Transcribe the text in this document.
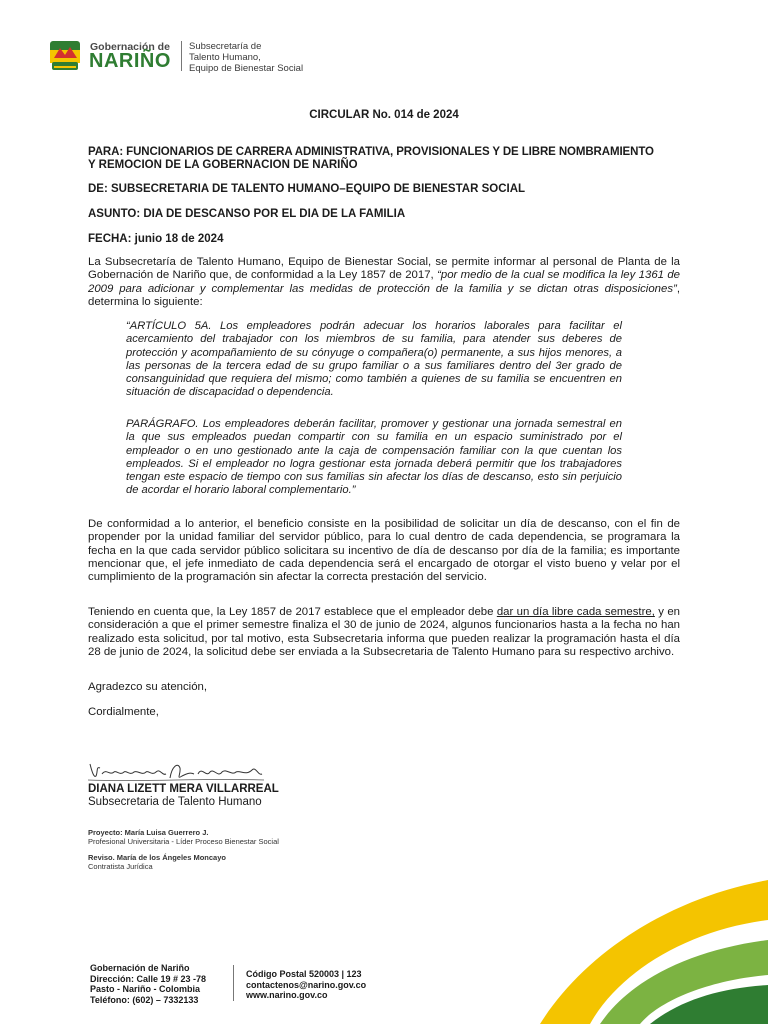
Gobernación de
NARIÑO
Subsecretaría de
Talento Humano,
Equipo de Bienestar Social
CIRCULAR No. 014 de 2024
PARA: FUNCIONARIOS DE CARRERA ADMINISTRATIVA, PROVISIONALES Y DE LIBRE NOMBRAMIENTO
Y REMOCION DE LA GOBERNACION DE NARIÑO
DE: SUBSECRETARIA DE TALENTO HUMANO–EQUIPO DE BIENESTAR SOCIAL
ASUNTO: DIA DE DESCANSO POR EL DIA DE LA FAMILIA
FECHA: junio 18 de 2024
La Subsecretaría de Talento Humano, Equipo de Bienestar Social, se permite informar al personal de Planta de la Gobernación de Nariño que, de conformidad a la Ley 1857 de 2017, “por medio de la cual se modifica la ley 1361 de 2009 para adicionar y complementar las medidas de protección de la familia y se dictan otras disposiciones”, determina lo siguiente:
“ARTÍCULO 5A. Los empleadores podrán adecuar los horarios laborales para facilitar el acercamiento del trabajador con los miembros de su familia, para atender sus deberes de protección y acompañamiento de su cónyuge o compañera(o) permanente, a sus hijos menores, a las personas de la tercera edad de su grupo familiar o a sus familiares dentro del 3er grado de consanguinidad que requiera del mismo; como también a quienes de su familia se encuentren en situación de discapacidad o dependencia.
PARÁGRAFO. Los empleadores deberán facilitar, promover y gestionar una jornada semestral en la que sus empleados puedan compartir con su familia en un espacio suministrado por el empleador o en uno gestionado ante la caja de compensación familiar con la que cuentan los empleados. Si el empleador no logra gestionar esta jornada deberá permitir que los trabajadores tengan este espacio de tiempo con sus familias sin afectar los días de descanso, esto sin perjuicio de acordar el horario laboral complementario.”
De conformidad a lo anterior, el beneficio consiste en la posibilidad de solicitar un día de descanso, con el fin de propender por la unidad familiar del servidor público, para lo cual dentro de cada dependencia, se programara la fecha en la que cada servidor público solicitara su incentivo de día de descanso por día de la familia; es importante mencionar que, el jefe inmediato de cada dependencia será el encargado de otorgar el visto bueno y velar por el cumplimiento de la programación sin afectar la correcta prestación del servicio.
Teniendo en cuenta que, la Ley 1857 de 2017 establece que el empleador debe dar un día libre cada semestre, y en consideración a que el primer semestre finaliza el 30 de junio de 2024, algunos funcionarios hasta a la fecha no han realizado esta solicitud, por tal motivo, esta Subsecretaria informa que pueden realizar la programación hasta el día 28 de junio de 2024, la solicitud debe ser enviada a la Subsecretaria de Talento Humano para su respectivo archivo.
Agradezco su atención,
Cordialmente,
DIANA LIZETT MERA VILLARREAL
Subsecretaria de Talento Humano
Proyecto: María Luisa Guerrero J.
Profesional Universitaria - Líder Proceso Bienestar Social
Reviso. María de los Ángeles Moncayo
Contratista Jurídica
Gobernación de Nariño
Dirección: Calle 19 # 23 -78
Pasto - Nariño - Colombia
Teléfono: (602) – 7332133
Código Postal 520003 | 123
contactenos@narino.gov.co
www.narino.gov.co
